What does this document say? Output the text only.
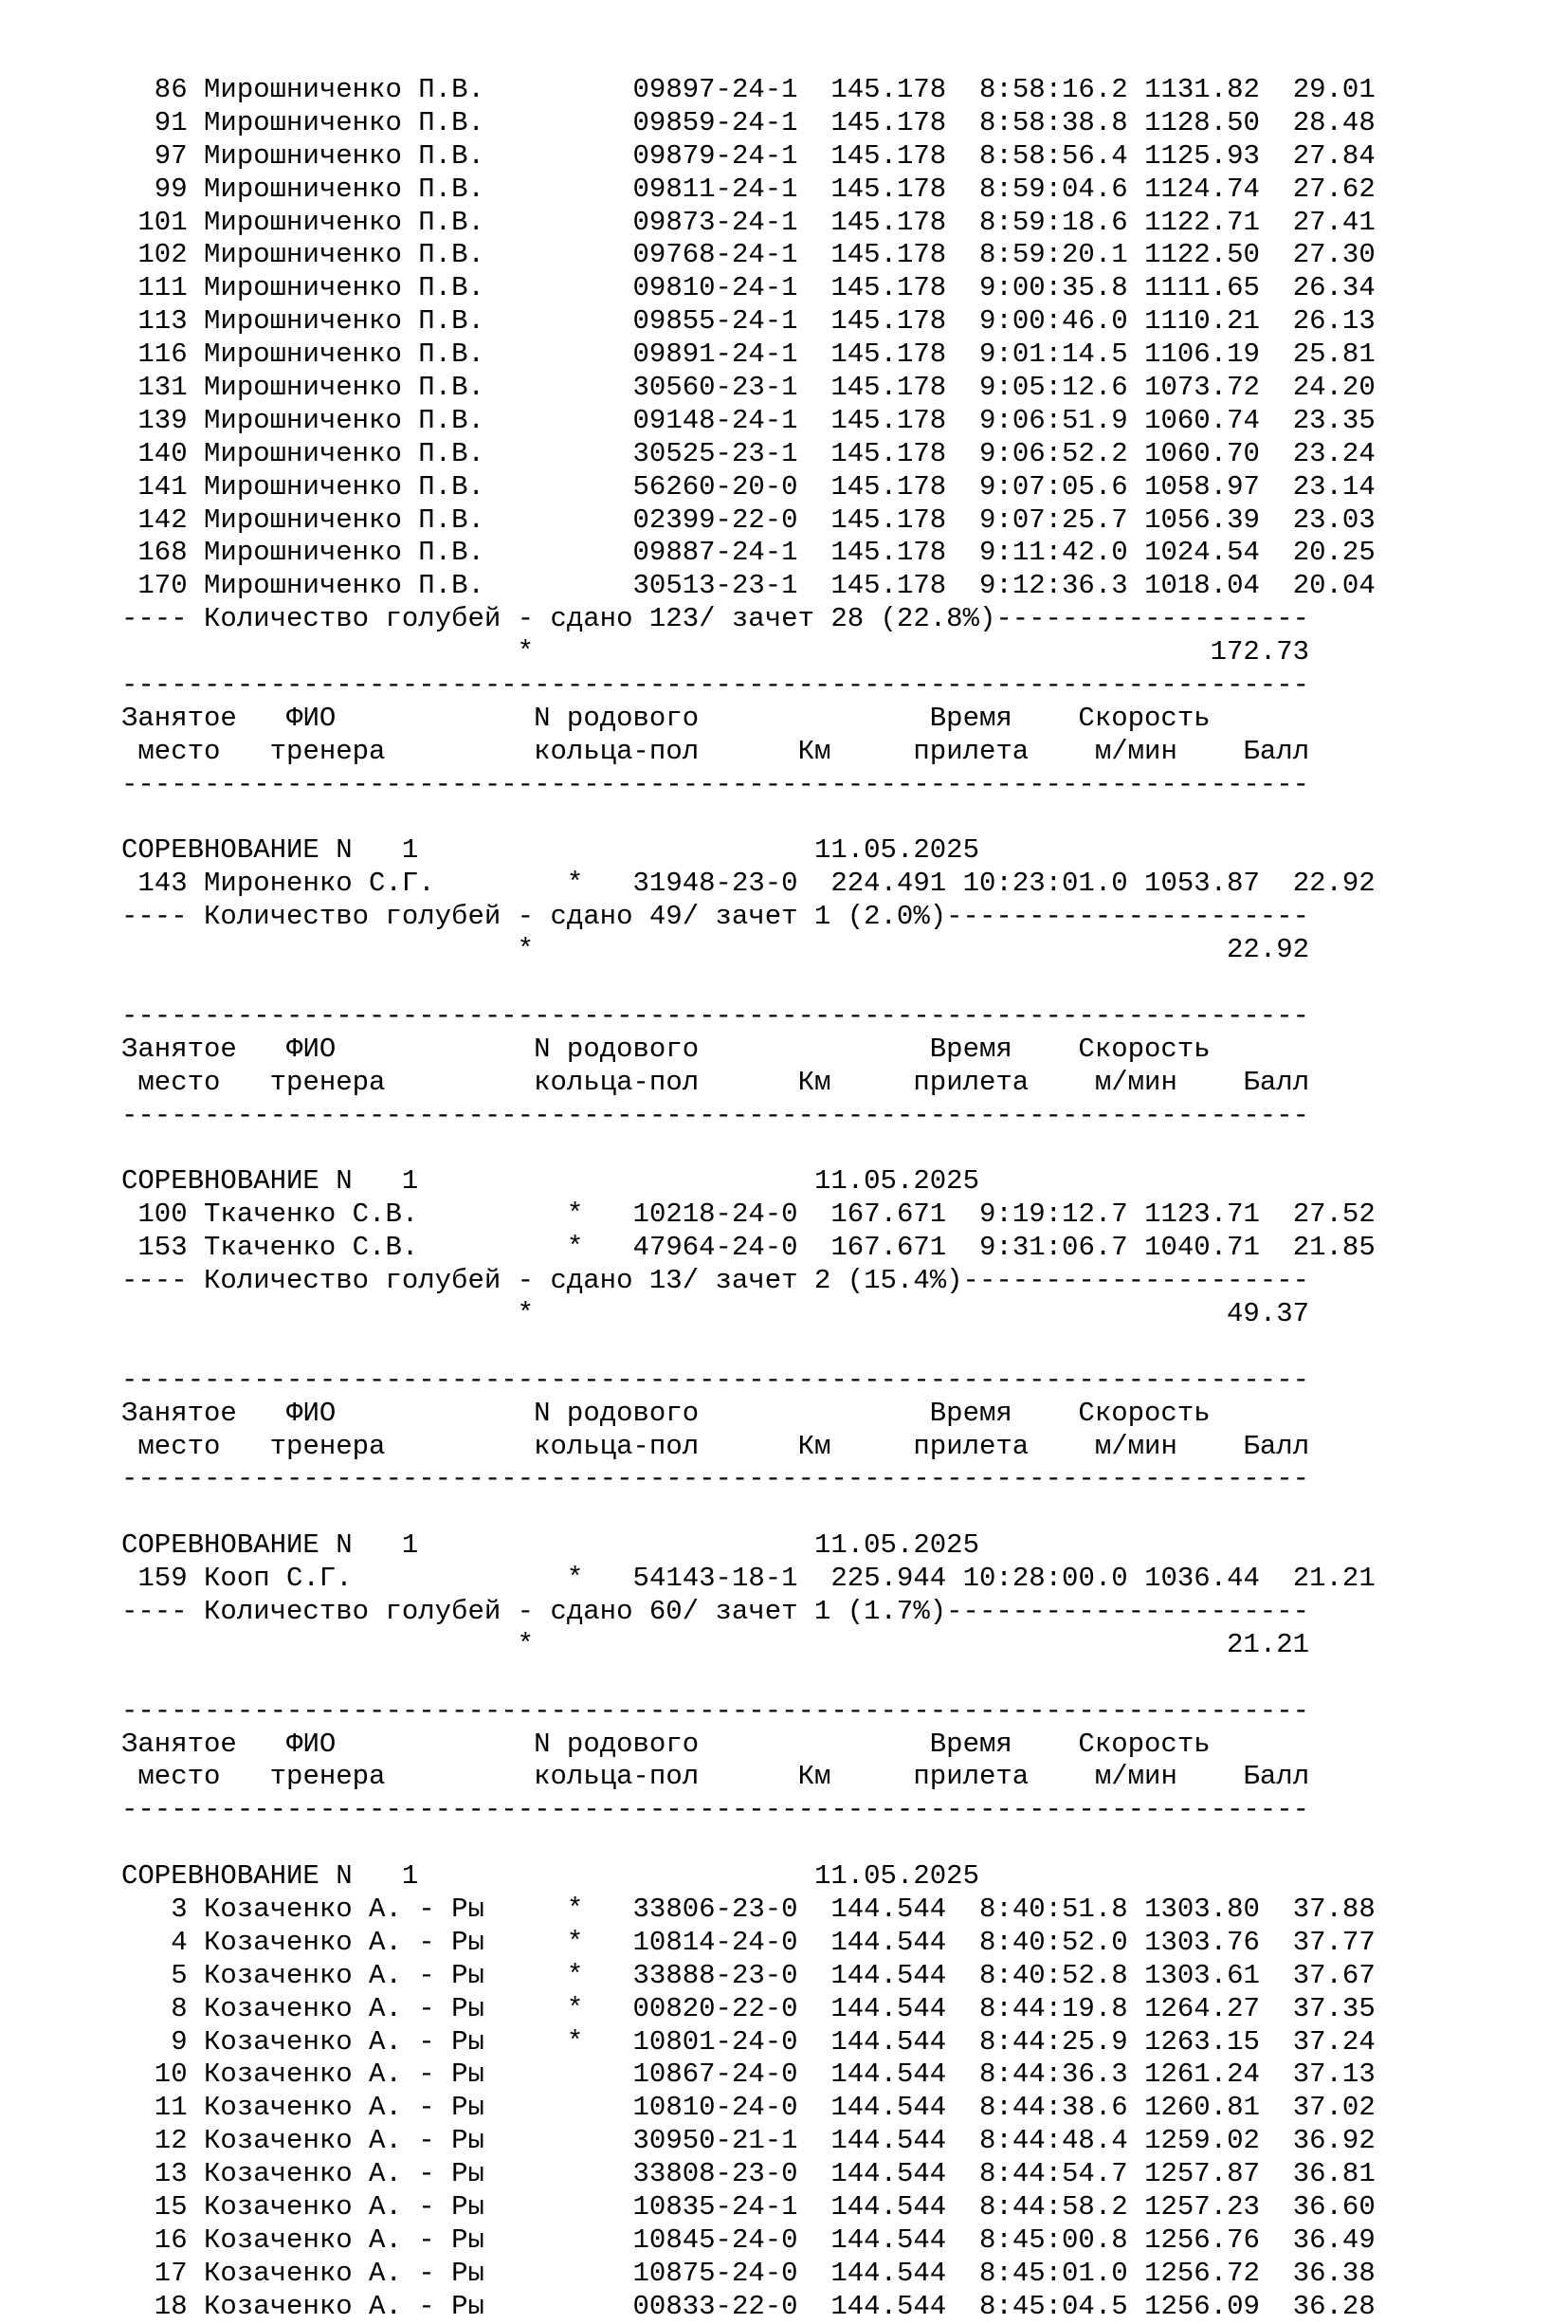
86 Мирошниченко П.В.	09897-24-1 145.178 8:58:16.2 1131.82 29.01
91 Мирошниченко П.В.	09859-24-1 145.178 8:58:38.8 1128.50 28.48
97 Мирошниченко П.В.	09879-24-1 145.178 8:58:56.4 1125.93 27.84
99 Мирошниченко П.В.	09811-24-1 145.178 8:59:04.6 1124.74 27.62
101 Мирошниченко П.В.	09873-24-1 145.178 8:59:18.6 1122.71 27.41
102 Мирошниченко П.В.	09768-24-1 145.178 8:59:20.1 1122.50 27.30
111 Мирошниченко П.В.	09810-24-1 145.178 9:00:35.8 1111.65 26.34
113 Мирошниченко П.В.	09855-24-1 145.178 9:00:46.0 1110.21 26.13
116 Мирошниченко П.В.	09891-24-1 145.178 9:01:14.5 1106.19 25.81
131 Мирошниченко П.В.	30560-23-1 145.178 9:05:12.6 1073.72 24.20
139 Мирошниченко П.В.	09148-24-1 145.178 9:06:51.9 1060.74 23.35
140 Мирошниченко П.В.	30525-23-1 145.178 9:06:52.2 1060.70 23.24
141 Мирошниченко П.В.	56260-20-0 145.178 9:07:05.6 1058.97 23.14
142 Мирошниченко П.В.	02399-22-0 145.178 9:07:25.7 1056.39 23.03
168 Мирошниченко П.В.	09887-24-1 145.178 9:11:42.0 1024.54 20.25
170 Мирошниченко П.В.	30513-23-1 145.178 9:12:36.3 1018.04 20.04
---- Количество голубей - сдано 123/ зачет 28 (22.8%)-------------------
*	172.73
------------------------------------------------------------------------
Занятое ФИО	N родового	Время Скорость
место тренера	кольца-пол	Км	прилета м/мин Балл
------------------------------------------------------------------------
СОРЕВНОВАНИЕ N   1	11.05.2025
143 Мироненко С.Г.	* 31948-23-0 224.491 10:23:01.0 1053.87 22.92
---- Количество голубей - сдано 49/ зачет 1 (2.0%)----------------------
*	22.92
------------------------------------------------------------------------
Занятое ФИО	N родового	Время Скорость
место тренера	кольца-пол	Км	прилета м/мин Балл
------------------------------------------------------------------------
СОРЕВНОВАНИЕ N   1	11.05.2025
100 Ткаченко С.В.	* 10218-24-0 167.671 9:19:12.7 1123.71 27.52
153 Ткаченко С.В.	* 47964-24-0 167.671 9:31:06.7 1040.71 21.85
---- Количество голубей - сдано 13/ зачет 2 (15.4%)---------------------
*	49.37
------------------------------------------------------------------------
Занятое ФИО	N родового	Время Скорость
место тренера	кольца-пол	Км	прилета м/мин Балл
------------------------------------------------------------------------
СОРЕВНОВАНИЕ N   1	11.05.2025
159 Кооп С.Г.	* 54143-18-1 225.944 10:28:00.0 1036.44 21.21
---- Количество голубей - сдано 60/ зачет 1 (1.7%)----------------------
*	21.21
------------------------------------------------------------------------
Занятое ФИО	N родового	Время Скорость
место тренера	кольца-пол	Км	прилета м/мин Балл
------------------------------------------------------------------------
СОРЕВНОВАНИЕ N   1	11.05.2025
3 Козаченко А. - Ры	* 33806-23-0 144.544 8:40:51.8 1303.80 37.88
4 Козаченко А. - Ры	* 10814-24-0 144.544 8:40:52.0 1303.76 37.77
5 Козаченко А. - Ры	* 33888-23-0 144.544 8:40:52.8 1303.61 37.67
8 Козаченко А. - Ры	* 00820-22-0 144.544 8:44:19.8 1264.27 37.35
9 Козаченко А. - Ры	* 10801-24-0 144.544 8:44:25.9 1263.15 37.24
10 Козаченко А. - Ры	10867-24-0 144.544 8:44:36.3 1261.24 37.13
11 Козаченко А. - Ры	10810-24-0 144.544 8:44:38.6 1260.81 37.02
12 Козаченко А. - Ры	30950-21-1 144.544 8:44:48.4 1259.02 36.92
13 Козаченко А. - Ры	33808-23-0 144.544 8:44:54.7 1257.87 36.81
15 Козаченко А. - Ры	10835-24-1 144.544 8:44:58.2 1257.23 36.60
16 Козаченко А. - Ры	10845-24-0 144.544 8:45:00.8 1256.76 36.49
17 Козаченко А. - Ры	10875-24-0 144.544 8:45:01.0 1256.72 36.38
18 Козаченко А. - Ры	00833-22-0 144.544 8:45:04.5 1256.09 36.28
